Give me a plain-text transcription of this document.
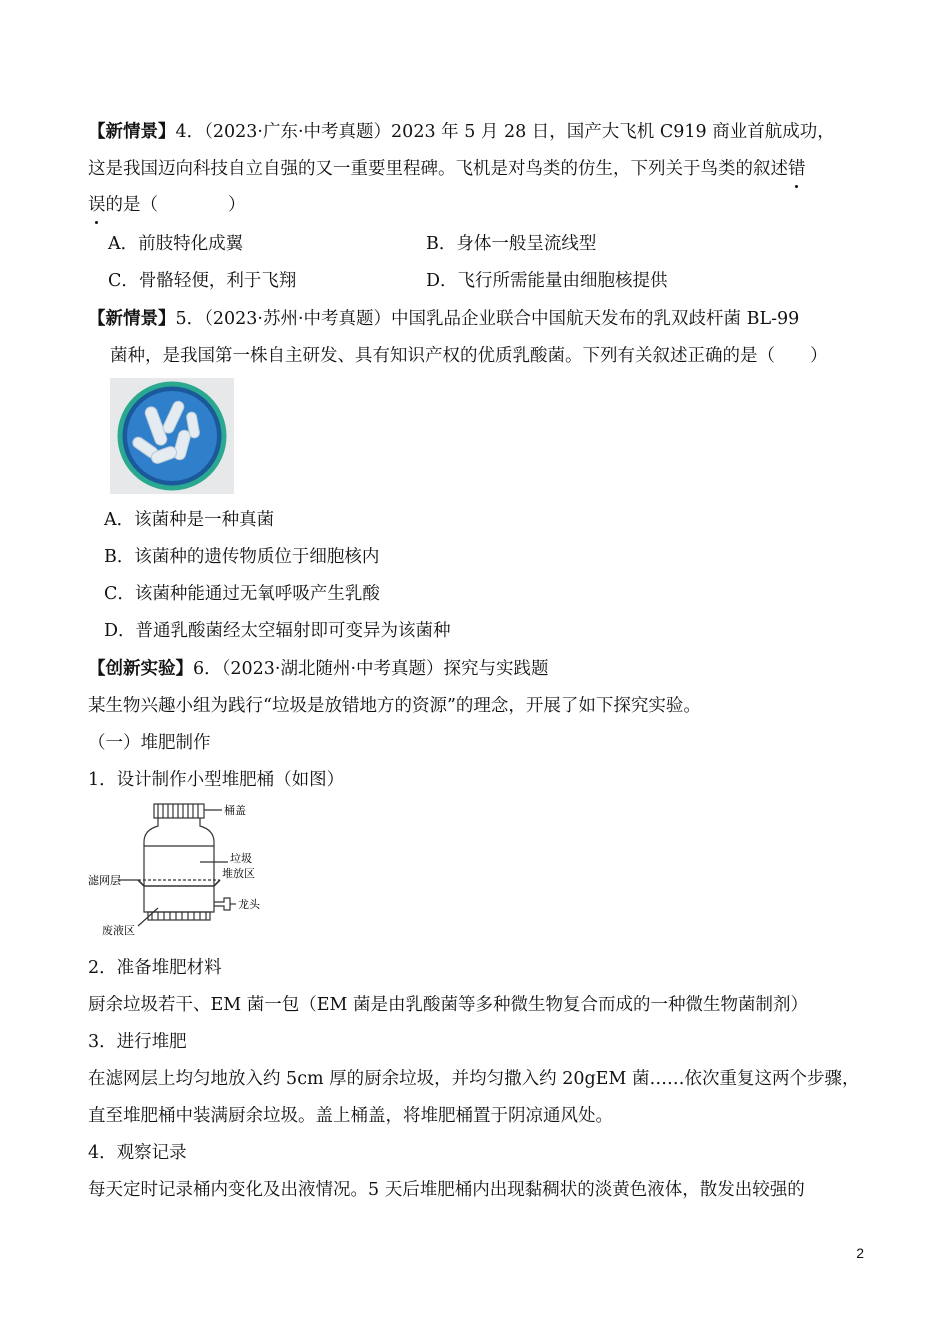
【新情景】4．（2023·广东·中考真题）2023 年 5 月 28 日，国产大飞机 C919 商业首航成功，
这是我国迈向科技自立自强的又一重要里程碑。飞机是对鸟类的仿生，下列关于鸟类的叙述错
误的是（　　　　）
A．前肢特化成翼	B．身体一般呈流线型
C．骨骼轻便，利于飞翔	D．飞行所需能量由细胞核提供
【新情景】5．（2023·苏州·中考真题）中国乳品企业联合中国航天发布的乳双歧杆菌 BL-99
菌种，是我国第一株自主研发、具有知识产权的优质乳酸菌。下列有关叙述正确的是（　　）
A．该菌种是一种真菌
B．该菌种的遗传物质位于细胞核内
C．该菌种能通过无氧呼吸产生乳酸
D．普通乳酸菌经太空辐射即可变异为该菌种
【创新实验】6．（2023·湖北随州·中考真题）探究与实践题
某生物兴趣小组为践行“垃圾是放错地方的资源”的理念，开展了如下探究实验。
（一）堆肥制作
1．设计制作小型堆肥桶（如图）
桶盖
垃圾
堆放区
滤网层
龙头
废液区
2．准备堆肥材料
厨余垃圾若干、EM 菌一包（EM 菌是由乳酸菌等多种微生物复合而成的一种微生物菌制剂）
3．进行堆肥
在滤网层上均匀地放入约 5cm 厚的厨余垃圾，并均匀撒入约 20gEM 菌……依次重复这两个步骤，
直至堆肥桶中装满厨余垃圾。盖上桶盖，将堆肥桶置于阴凉通风处。
4．观察记录
每天定时记录桶内变化及出液情况。5 天后堆肥桶内出现黏稠状的淡黄色液体，散发出较强的
2
